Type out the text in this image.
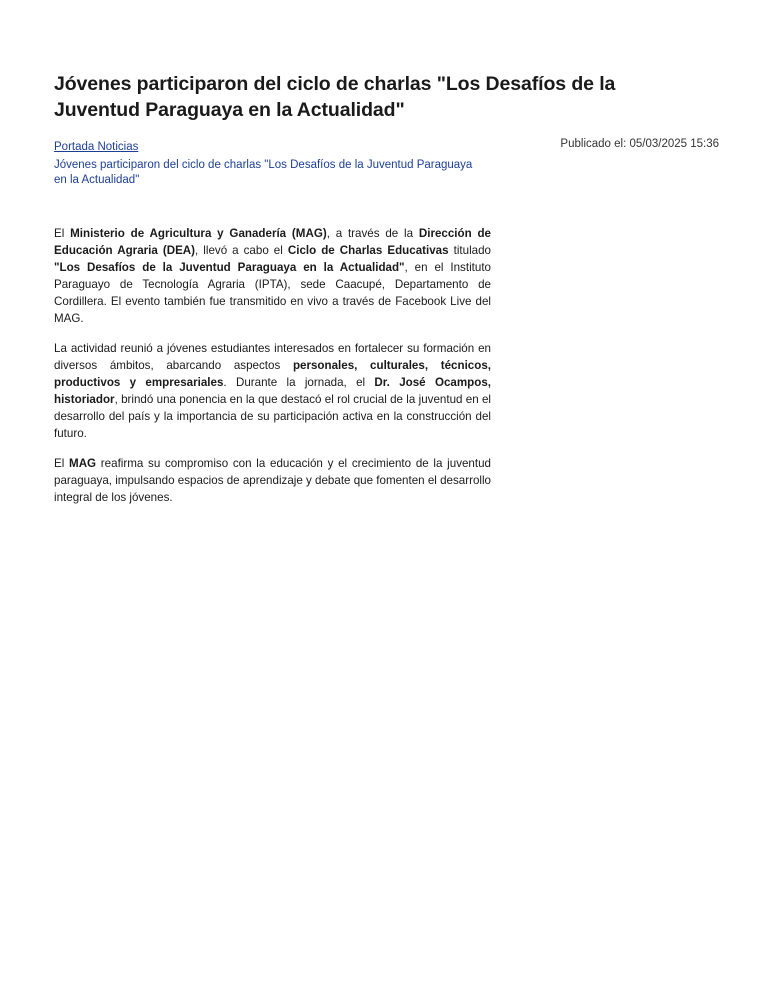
Jóvenes participaron del ciclo de charlas "Los Desafíos de la Juventud Paraguaya en la Actualidad"
Portada Noticias
Jóvenes participaron del ciclo de charlas "Los Desafíos de la Juventud Paraguaya en la Actualidad"
Publicado el: 05/03/2025 15:36

El Ministerio de Agricultura y Ganadería (MAG), a través de la Dirección de Educación Agraria (DEA), llevó a cabo el Ciclo de Charlas Educativas titulado "Los Desafíos de la Juventud Paraguaya en la Actualidad", en el Instituto Paraguayo de Tecnología Agraria (IPTA), sede Caacupé, Departamento de Cordillera. El evento también fue transmitido en vivo a través de Facebook Live del MAG.

La actividad reunió a jóvenes estudiantes interesados en fortalecer su formación en diversos ámbitos, abarcando aspectos personales, culturales, técnicos, productivos y empresariales. Durante la jornada, el Dr. José Ocampos, historiador, brindó una ponencia en la que destacó el rol crucial de la juventud en el desarrollo del país y la importancia de su participación activa en la construcción del futuro.

El MAG reafirma su compromiso con la educación y el crecimiento de la juventud paraguaya, impulsando espacios de aprendizaje y debate que fomenten el desarrollo integral de los jóvenes.
